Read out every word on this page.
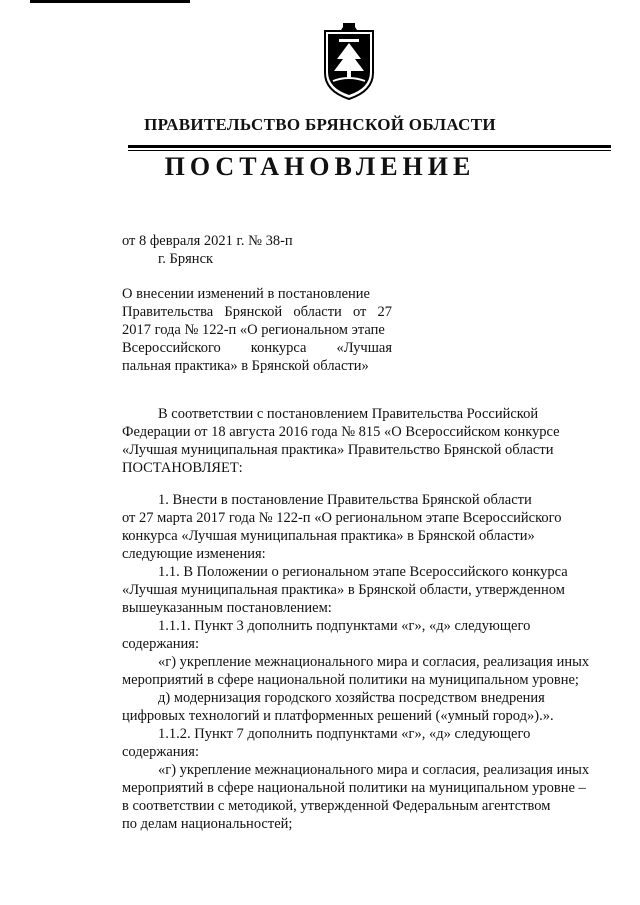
ПРАВИТЕЛЬСТВО БРЯНСКОЙ ОБЛАСТИ
ПОСТАНОВЛЕНИЕ
от 8 февраля 2021 г. № 38-п
г. Брянск
О внесении изменений в постановление
Правительства Брянской области от 27
2017 года № 122-п «О региональном этапе
Всероссийского конкурса «Лучшая
пальная практика» в Брянской области»
В соответствии с постановлением Правительства Российской
Федерации от 18 августа 2016 года № 815 «О Всероссийском конкурсе
«Лучшая муниципальная практика» Правительство Брянской области
ПОСТАНОВЛЯЕТ:
1. Внести в постановление Правительства Брянской области
от 27 марта 2017 года № 122-п «О региональном этапе Всероссийского
конкурса «Лучшая муниципальная практика» в Брянской области»
следующие изменения:
1.1. В Положении о региональном этапе Всероссийского конкурса
«Лучшая муниципальная практика» в Брянской области, утвержденном
вышеуказанным постановлением:
1.1.1. Пункт 3 дополнить подпунктами «г», «д» следующего
содержания:
«г) укрепление межнационального мира и согласия, реализация иных
мероприятий в сфере национальной политики на муниципальном уровне;
д) модернизация городского хозяйства посредством внедрения
цифровых технологий и платформенных решений («умный город»).».
1.1.2. Пункт 7 дополнить подпунктами «г», «д» следующего
содержания:
«г) укрепление межнационального мира и согласия, реализация иных
мероприятий в сфере национальной политики на муниципальном уровне –
в соответствии с методикой, утвержденной Федеральным агентством
по делам национальностей;
